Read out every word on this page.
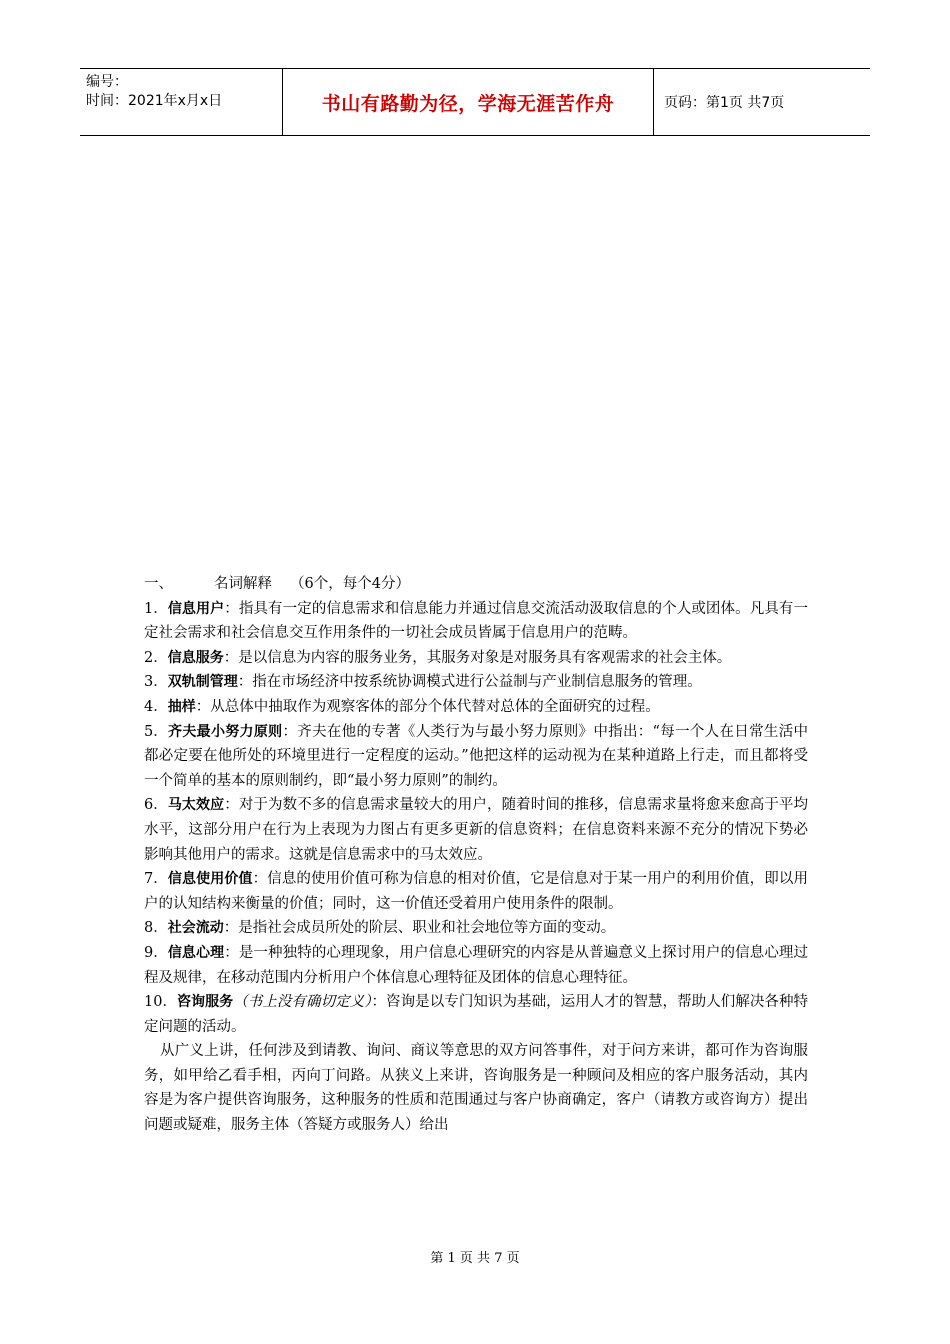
编号：
时间：2021年x月x日	书山有路勤为径，学海无涯苦作舟	页码：第1页 共7页

一、	名词解释 （6个，每个4分）

1．信息用户：指具有一定的信息需求和信息能力并通过信息交流活动汲取信息的个人或团体。凡具有一定社会需求和社会信息交互作用条件的一切社会成员皆属于信息用户的范畴。

2．信息服务：是以信息为内容的服务业务，其服务对象是对服务具有客观需求的社会主体。

3．双轨制管理：指在市场经济中按系统协调模式进行公益制与产业制信息服务的管理。

4．抽样：从总体中抽取作为观察客体的部分个体代替对总体的全面研究的过程。

5．齐夫最小努力原则：齐夫在他的专著《人类行为与最小努力原则》中指出：“每一个人在日常生活中都必定要在他所处的环境里进行一定程度的运动。”他把这样的运动视为在某种道路上行走，而且都将受一个简单的基本的原则制约，即“最小努力原则”的制约。

6．马太效应：对于为数不多的信息需求量较大的用户，随着时间的推移，信息需求量将愈来愈高于平均水平，这部分用户在行为上表现为力图占有更多更新的信息资料；在信息资料来源不充分的情况下势必影响其他用户的需求。这就是信息需求中的马太效应。

7．信息使用价值：信息的使用价值可称为信息的相对价值，它是信息对于某一用户的利用价值，即以用户的认知结构来衡量的价值；同时，这一价值还受着用户使用条件的限制。

8．社会流动：是指社会成员所处的阶层、职业和社会地位等方面的变动。

9．信息心理：是一种独特的心理现象，用户信息心理研究的内容是从普遍意义上探讨用户的信息心理过程及规律，在移动范围内分析用户个体信息心理特征及团体的信息心理特征。

10．咨询服务（书上没有确切定义）：咨询是以专门知识为基础，运用人才的智慧，帮助人们解决各种特定问题的活动。

从广义上讲，任何涉及到请教、询问、商议等意思的双方问答事件，对于问方来讲，都可作为咨询服务，如甲给乙看手相，丙向丁问路。从狭义上来讲，咨询服务是一种顾问及相应的客户服务活动，其内容是为客户提供咨询服务，这种服务的性质和范围通过与客户协商确定，客户（请教方或咨询方）提出问题或疑难，服务主体（答疑方或服务人）给出

第 1 页 共 7 页
